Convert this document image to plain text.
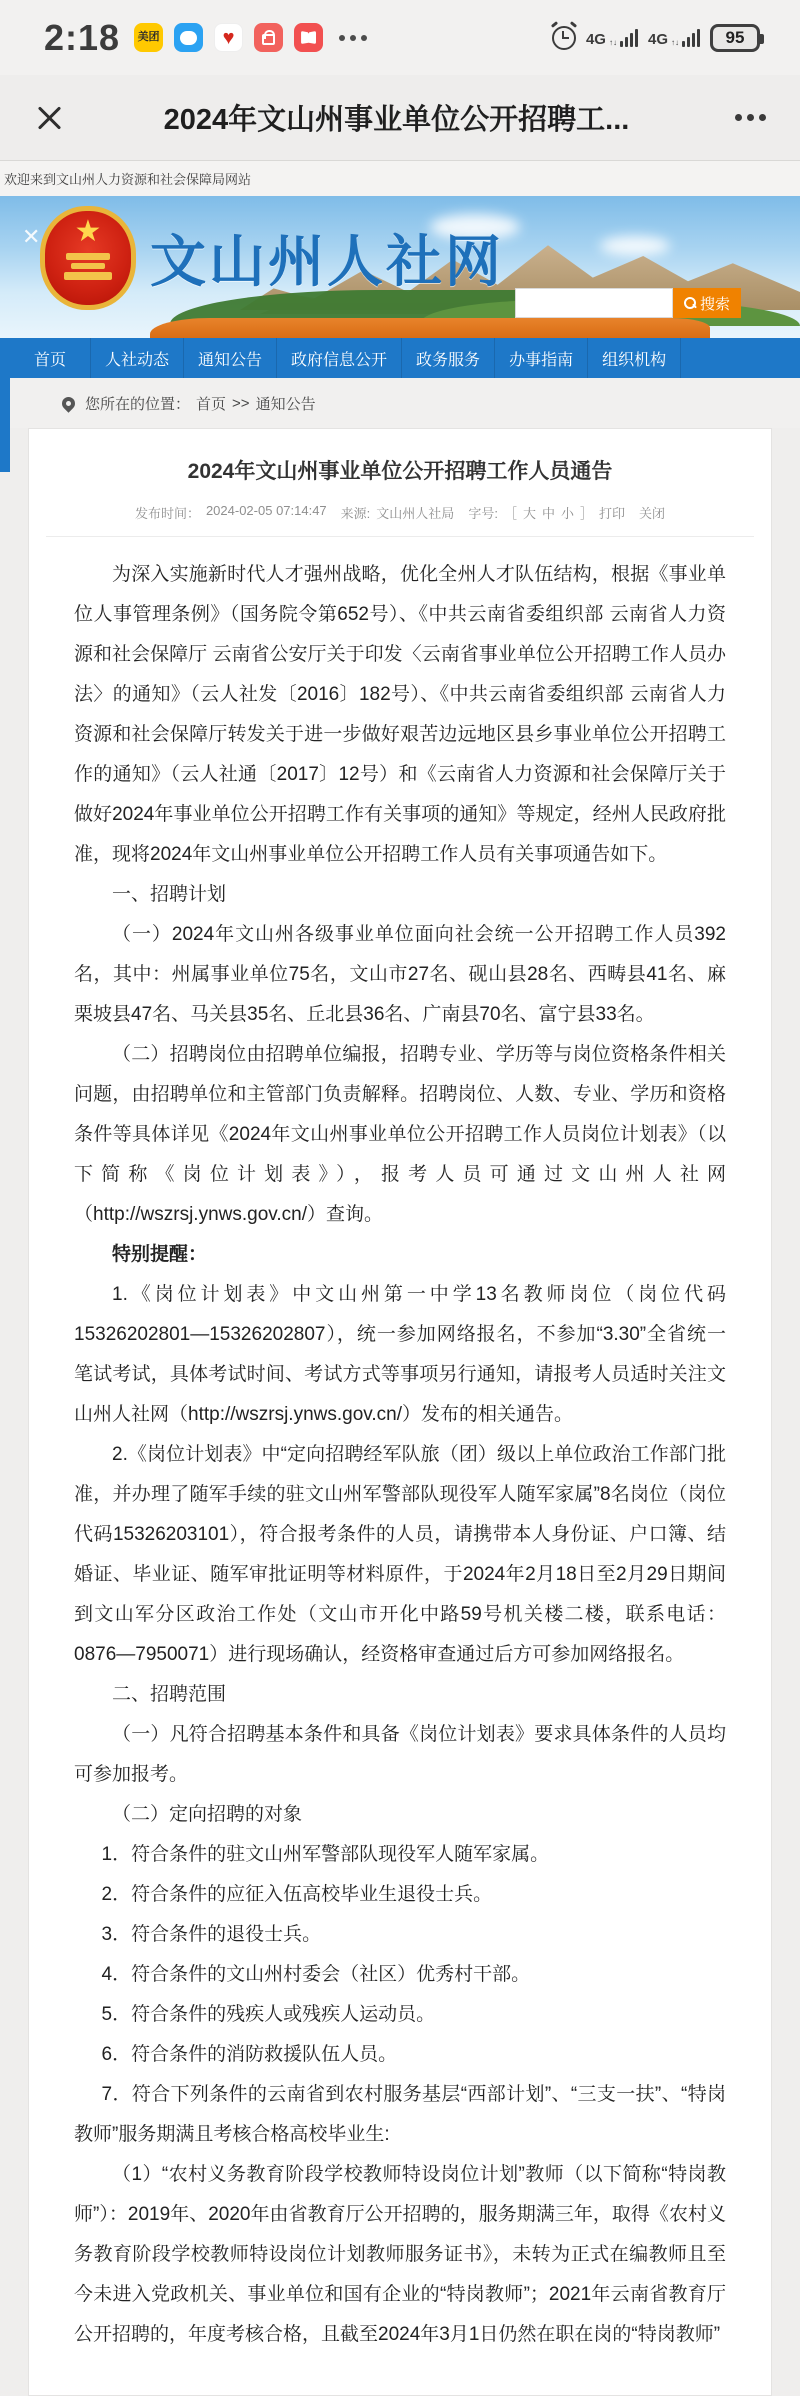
2:18	美团	♥	4G ↑↓ 4G ↑↓	95
2024年文山州事业单位公开招聘工...
欢迎来到文山州人力资源和社会保障局网站
✕ ★
文山州人社网
搜索
首页	人社动态	通知公告	政府信息公开	政务服务	办事指南	组织机构
您所在的位置： 首页 >> 通知公告
2024年文山州事业单位公开招聘工作人员通告
发布时间： 2024-02-05 07:14:47 来源: 文山州人社局 字号: ［ 大 中 小 ］ 打印 关闭

为深入实施新时代人才强州战略，优化全州人才队伍结构，根据《事业单位人事管理条例》（国务院令第652号）、《中共云南省委组织部 云南省人力资源和社会保障厅 云南省公安厅关于印发〈云南省事业单位公开招聘工作人员办法〉的通知》（云人社发〔2016〕182号）、《中共云南省委组织部 云南省人力资源和社会保障厅转发关于进一步做好艰苦边远地区县乡事业单位公开招聘工作的通知》（云人社通〔2017〕12号）和《云南省人力资源和社会保障厅关于做好2024年事业单位公开招聘工作有关事项的通知》等规定，经州人民政府批准，现将2024年文山州事业单位公开招聘工作人员有关事项通告如下。

一、招聘计划

（一）2024年文山州各级事业单位面向社会统一公开招聘工作人员392名，其中：州属事业单位75名，文山市27名、砚山县28名、西畴县41名、麻栗坡县47名、马关县35名、丘北县36名、广南县70名、富宁县33名。

（二）招聘岗位由招聘单位编报，招聘专业、学历等与岗位资格条件相关问题，由招聘单位和主管部门负责解释。招聘岗位、人数、专业、学历和资格条件等具体详见《2024年文山州事业单位公开招聘工作人员岗位计划表》（以下简称《岗位计划表》），报考人员可通过文山州人社网（http://wszrsj.ynws.gov.cn/）查询。

特别提醒：

1.《岗位计划表》中文山州第一中学13名教师岗位（岗位代码15326202801—15326202807），统一参加网络报名，不参加“3.30”全省统一笔试考试，具体考试时间、考试方式等事项另行通知，请报考人员适时关注文山州人社网（http://wszrsj.ynws.gov.cn/）发布的相关通告。

2.《岗位计划表》中“定向招聘经军队旅（团）级以上单位政治工作部门批准，并办理了随军手续的驻文山州军警部队现役军人随军家属”8名岗位（岗位代码15326203101），符合报考条件的人员，请携带本人身份证、户口簿、结婚证、毕业证、随军审批证明等材料原件，于2024年2月18日至2月29日期间到文山军分区政治工作处（文山市开化中路59号机关楼二楼，联系电话：0876—7950071）进行现场确认，经资格审查通过后方可参加网络报名。

二、招聘范围

（一）凡符合招聘基本条件和具备《岗位计划表》要求具体条件的人员均可参加报考。

（二）定向招聘的对象

1．符合条件的驻文山州军警部队现役军人随军家属。

2．符合条件的应征入伍高校毕业生退役士兵。

3．符合条件的退役士兵。

4．符合条件的文山州村委会（社区）优秀村干部。

5．符合条件的残疾人或残疾人运动员。

6．符合条件的消防救援队伍人员。

7．符合下列条件的云南省到农村服务基层“西部计划”、“三支一扶”、“特岗教师”服务期满且考核合格高校毕业生:

（1）“农村义务教育阶段学校教师特设岗位计划”教师（以下简称“特岗教师”）：2019年、2020年由省教育厅公开招聘的，服务期满三年，取得《农村义务教育阶段学校教师特设岗位计划教师服务证书》，未转为正式在编教师且至今未进入党政机关、事业单位和国有企业的“特岗教师”；2021年云南省教育厅公开招聘的，年度考核合格，且截至2024年3月1日仍然在职在岗的“特岗教师”
